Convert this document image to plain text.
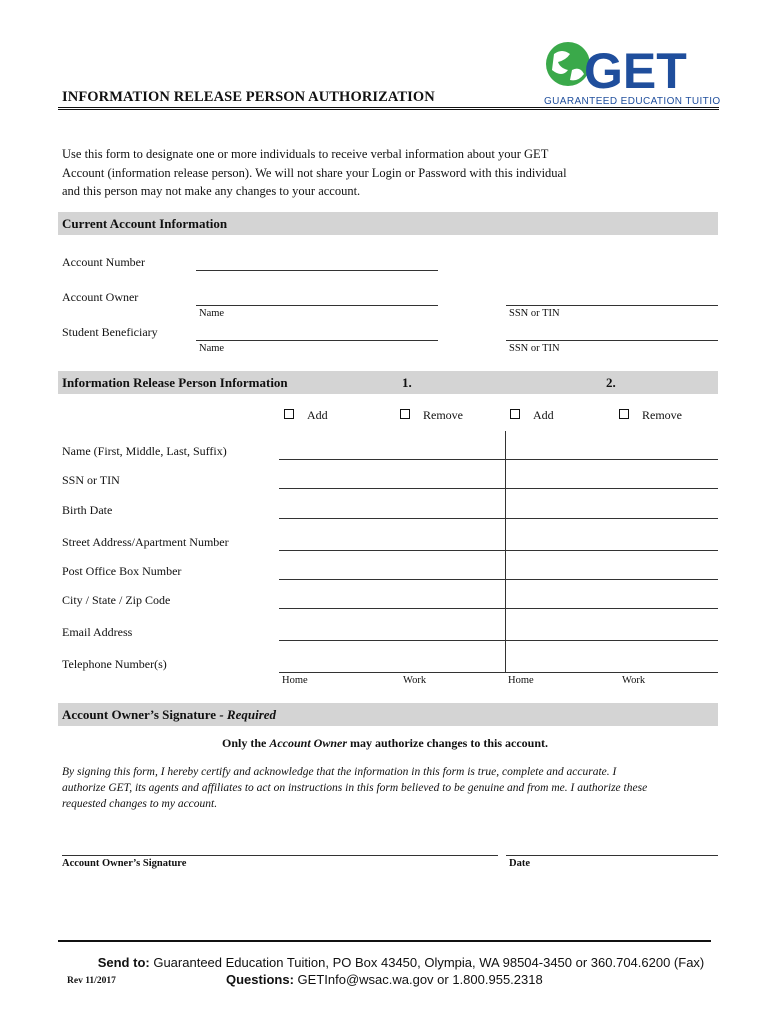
GET
GUARANTEED EDUCATION TUITION
INFORMATION RELEASE PERSON AUTHORIZATION
Use this form to designate one or more individuals to receive verbal information about your GET
Account (information release person). We will not share your Login or Password with this individual
and this person may not make any changes to your account.
Current Account Information
Account Number
Account Owner
Name	SSN or TIN
Student Beneficiary
Name	SSN or TIN
Information Release Person Information	1.	2.
Add	Remove	Add	Remove
Name (First, Middle, Last, Suffix)
SSN or TIN
Birth Date
Street Address/Apartment Number
Post Office Box Number
City / State / Zip Code
Email Address
Telephone Number(s)
Home	Work	Home	Work
Account Owner’s Signature - Required
Only the Account Owner may authorize changes to this account.
By signing this form, I hereby certify and acknowledge that the information in this form is true, complete and accurate. I
authorize GET, its agents and affiliates to act on instructions in this form believed to be genuine and from me. I authorize these
requested changes to my account.
Account Owner’s Signature	Date
Send to: Guaranteed Education Tuition, PO Box 43450, Olympia, WA 98504-3450 or 360.704.6200 (Fax)
Questions: GETInfo@wsac.wa.gov or 1.800.955.2318
Rev 11/2017
